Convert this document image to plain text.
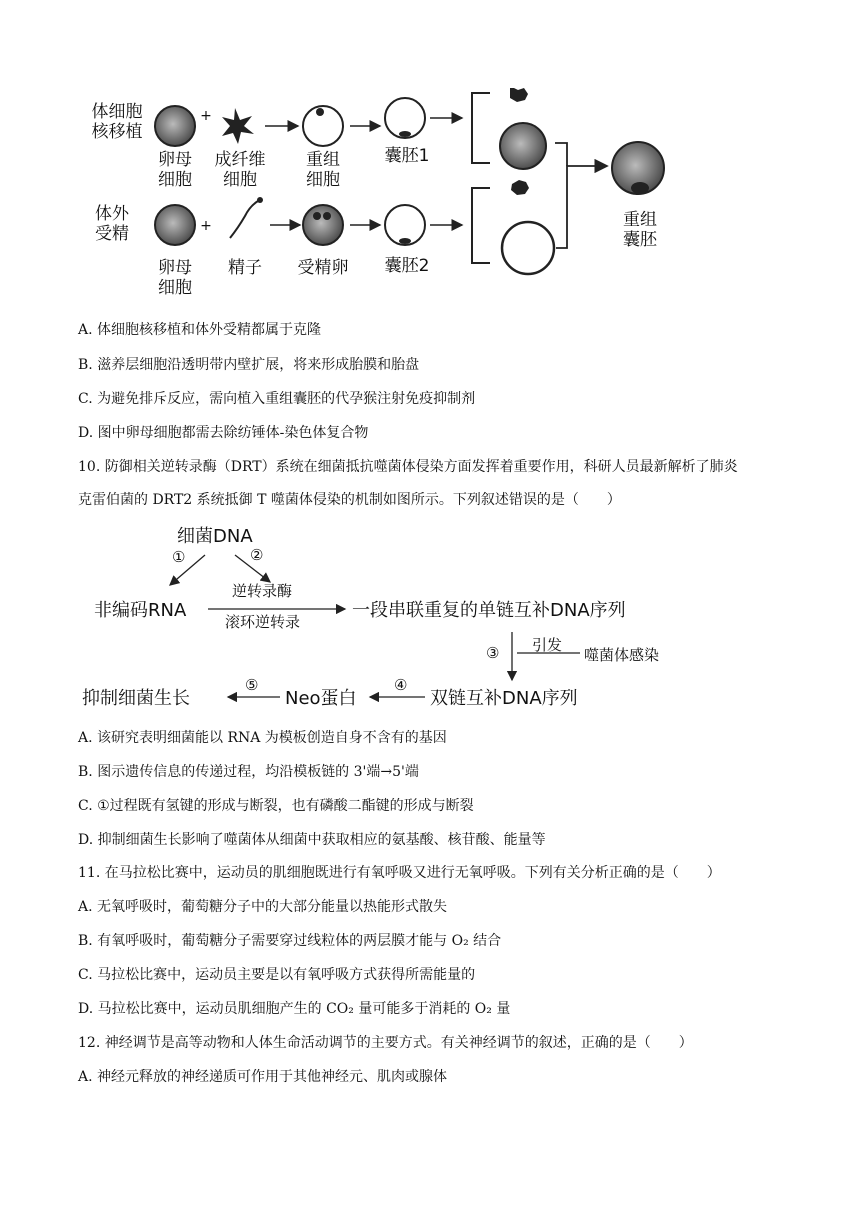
体细胞
核移植
体外
受精
+
+
卵母
细胞
成纤维
细胞
重组
细胞
囊胚1
卵母
细胞
精子	受精卵	囊胚2
重组
囊胚
A. 体细胞核移植和体外受精都属于克隆
B. 滋养层细胞沿透明带内壁扩展，将来形成胎膜和胎盘
C. 为避免排斥反应，需向植入重组囊胚的代孕猴注射免疫抑制剂
D. 图中卵母细胞都需去除纺锤体-染色体复合物
10. 防御相关逆转录酶（DRT）系统在细菌抵抗噬菌体侵染方面发挥着重要作用，科研人员最新解析了肺炎
克雷伯菌的 DRT2 系统抵御 T 噬菌体侵染的机制如图所示。下列叙述错误的是（　　）
细菌DNA
①	②
非编码RNA
逆转录酶
滚环逆转录
一段串联重复的单链互补DNA序列
③ 引发
噬菌体感染
④
双链互补DNA序列
Neo蛋白
⑤
抑制细菌生长
A. 该研究表明细菌能以 RNA 为模板创造自身不含有的基因
B. 图示遗传信息的传递过程，均沿模板链的 3'端→5'端
C. ①过程既有氢键的形成与断裂，也有磷酸二酯键的形成与断裂
D. 抑制细菌生长影响了噬菌体从细菌中获取相应的氨基酸、核苷酸、能量等
11. 在马拉松比赛中，运动员的肌细胞既进行有氧呼吸又进行无氧呼吸。下列有关分析正确的是（　　）
A. 无氧呼吸时，葡萄糖分子中的大部分能量以热能形式散失
B. 有氧呼吸时，葡萄糖分子需要穿过线粒体的两层膜才能与 O₂ 结合
C. 马拉松比赛中，运动员主要是以有氧呼吸方式获得所需能量的
D. 马拉松比赛中，运动员肌细胞产生的 CO₂ 量可能多于消耗的 O₂ 量
12. 神经调节是高等动物和人体生命活动调节的主要方式。有关神经调节的叙述，正确的是（　　）
A. 神经元释放的神经递质可作用于其他神经元、肌肉或腺体
